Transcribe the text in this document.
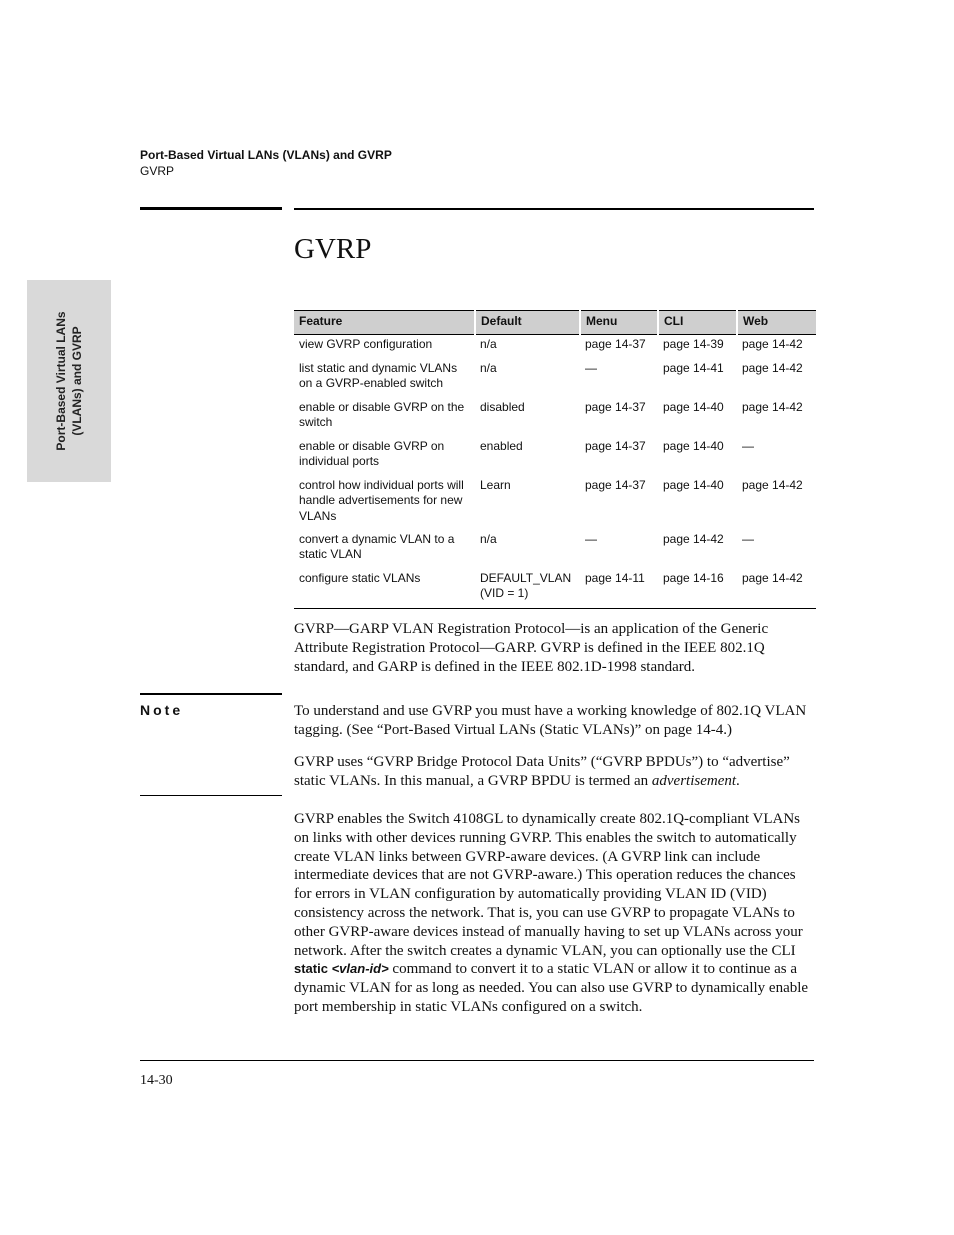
Port-Based Virtual LANs (VLANs) and GVRP
GVRP
Port-Based Virtual LANs (VLANs) and GVRP
GVRP
Feature	Default	Menu	CLI	Web
view GVRP configuration	n/a	page 14-37	page 14-39	page 14-42
list static and dynamic VLANs on a GVRP-enabled switch	n/a	—	page 14-41	page 14-42
enable or disable GVRP on the switch	disabled	page 14-37	page 14-40	page 14-42
enable or disable GVRP on individual ports	enabled	page 14-37	page 14-40	—
control how individual ports will handle advertisements for new VLANs	Learn	page 14-37	page 14-40	page 14-42
convert a dynamic VLAN to a static VLAN	n/a	—	page 14-42	—
configure static VLANs	DEFAULT_VLAN (VID = 1)	page 14-11	page 14-16	page 14-42

GVRP—GARP VLAN Registration Protocol—is an application of the Generic Attribute Registration Protocol—GARP. GVRP is defined in the IEEE 802.1Q standard, and GARP is defined in the IEEE 802.1D-1998 standard.

Note	To understand and use GVRP you must have a working knowledge of 802.1Q VLAN tagging. (See “Port-Based Virtual LANs (Static VLANs)” on page 14-4.)

GVRP uses “GVRP Bridge Protocol Data Units” (“GVRP BPDUs”) to “advertise” static VLANs. In this manual, a GVRP BPDU is termed an advertisement.

GVRP enables the Switch 4108GL to dynamically create 802.1Q-compliant VLANs on links with other devices running GVRP. This enables the switch to automatically create VLAN links between GVRP-aware devices. (A GVRP link can include intermediate devices that are not GVRP-aware.) This operation reduces the chances for errors in VLAN configuration by automatically providing VLAN ID (VID) consistency across the network. That is, you can use GVRP to propagate VLANs to other GVRP-aware devices instead of manually having to set up VLANs across your network. After the switch creates a dynamic VLAN, you can optionally use the CLI static <vlan-id> command to convert it to a static VLAN or allow it to continue as a dynamic VLAN for as long as needed. You can also use GVRP to dynamically enable port membership in static VLANs configured on a switch.

14-30
